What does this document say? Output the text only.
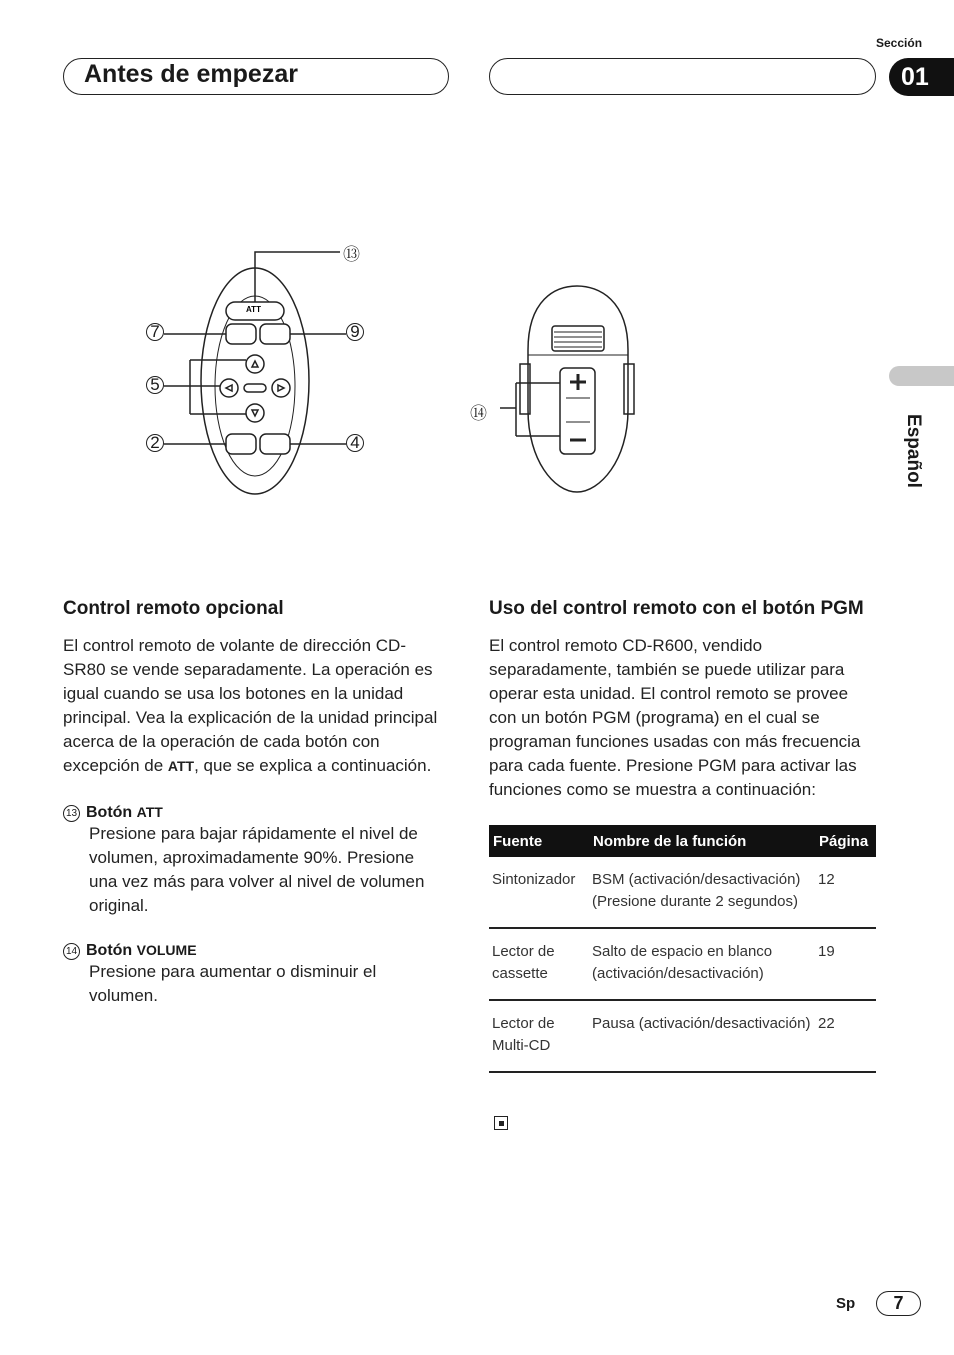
Sección
Antes de empezar	01
Español
ATT
⑬
7	9
5
2	4
⑭
Control remoto opcional

El control remoto de volante de dirección CD-SR80 se vende separadamente. La operación es igual cuando se usa los botones en la unidad principal. Vea la explicación de la unidad principal acerca de la operación de cada botón con excepción de ATT, que se explica a continuación.

13 Botón ATT

Presione para bajar rápidamente el nivel de volumen, aproximadamente 90%. Presione una vez más para volver al nivel de volumen original.

14 Botón VOLUME

Presione para aumentar o disminuir el volumen.

Uso del control remoto con el botón PGM

El control remoto CD-R600, vendido separadamente, también se puede utilizar para operar esta unidad. El control remoto se provee con un botón PGM (programa) en el cual se programan funciones usadas con más frecuencia para cada fuente. Presione PGM para activar las funciones como se muestra a continuación:

Fuente	Nombre de la función	Página
Sintonizador	BSM (activación/desactivación) (Presione durante 2 segundos)	12
Lector de cassette	Salto de espacio en blanco (activación/desactivación)	19
Lector de Multi-CD	Pausa (activación/desactivación)	22
Sp	7
